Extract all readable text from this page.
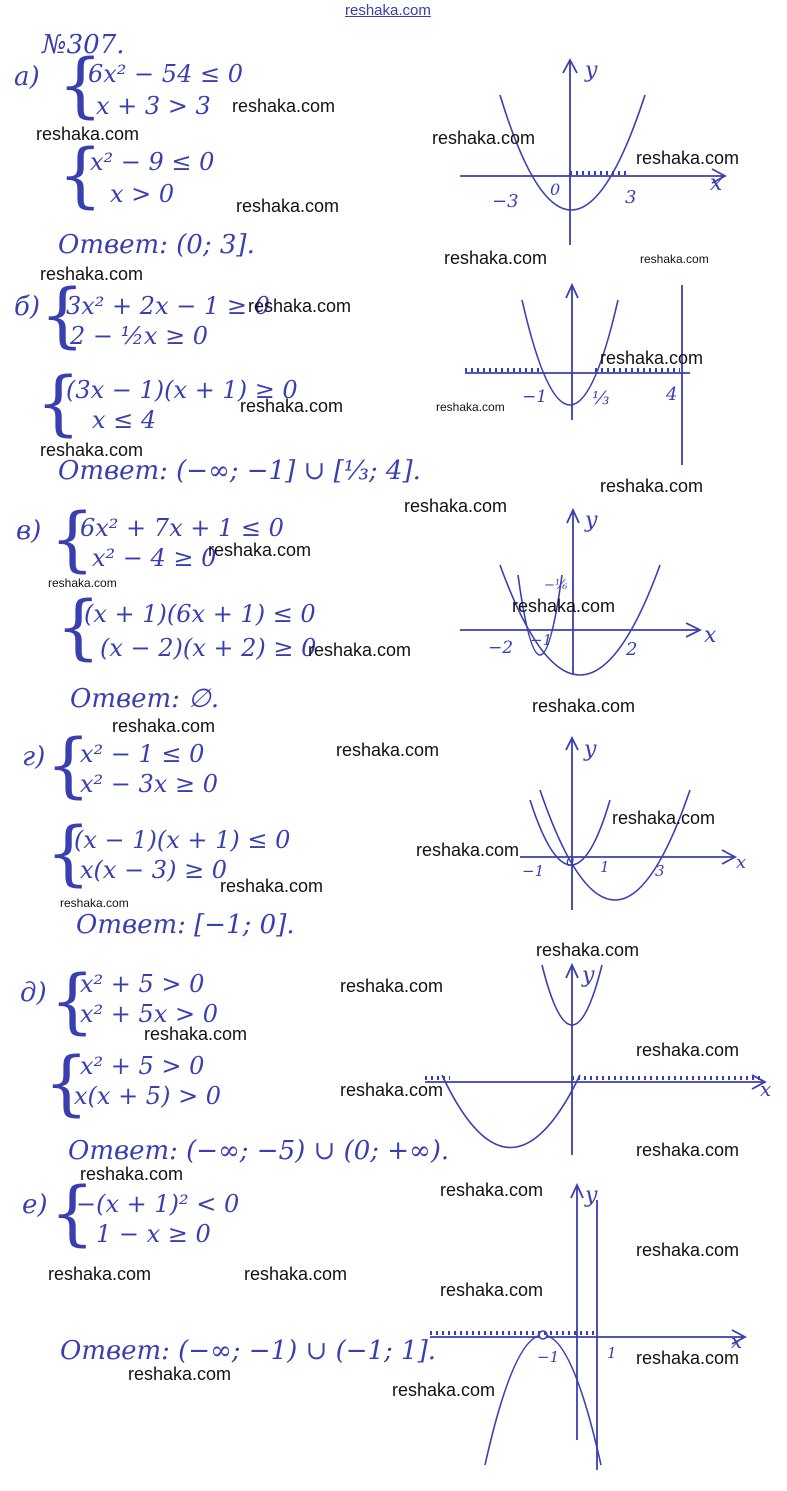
reshaka.com
№307.
а) {
6x² − 54 ≤ 0
x + 3 > 3
{
x² − 9 ≤ 0
x > 0
Ответ: (0; 3].
y
x
−3
0	3
б) {
3x² + 2x − 1 ≥ 0
2 − ½x ≥ 0
{
(3x − 1)(x + 1) ≥ 0
x ≤ 4
Ответ: (−∞; −1] ∪ [⅓; 4].
−1 ⅓	4
в) {
6x² + 7x + 1 ≤ 0
x² − 4 ≥ 0
{
(x + 1)(6x + 1) ≤ 0
(x − 2)(x + 2) ≥ 0
Ответ: ∅.
y
x
−2 −1
−⅙
2
г) {
x² − 1 ≤ 0
x² − 3x ≥ 0
{
(x − 1)(x + 1) ≤ 0
x(x − 3) ≥ 0
Ответ: [−1; 0].
y
x
−1 0 1	3
д) {
x² + 5 > 0
x² + 5x > 0
{
x² + 5 > 0
x(x + 5) > 0
Ответ: (−∞; −5) ∪ (0; +∞).
y
x
е) {
−(x + 1)² < 0
1 − x ≥ 0
Ответ: (−∞; −1) ∪ (−1; 1].
y
x
−1	1
reshaka.com
reshaka.com	reshaka.com
reshaka.com
reshaka.com
reshaka.com	reshaka.com
reshaka.com
reshaka.com
reshaka.com
reshaka.com	reshaka.com
reshaka.com
reshaka.com
reshaka.com
reshaka.com
reshaka.com
reshaka.com
reshaka.com
reshaka.com
reshaka.com
reshaka.com
reshaka.com
reshaka.com
reshaka.com
reshaka.com
reshaka.com
reshaka.com
reshaka.com
reshaka.com
reshaka.com
reshaka.com
reshaka.com
reshaka.com
reshaka.com
reshaka.com	reshaka.com
reshaka.com
reshaka.com
reshaka.com
reshaka.com
